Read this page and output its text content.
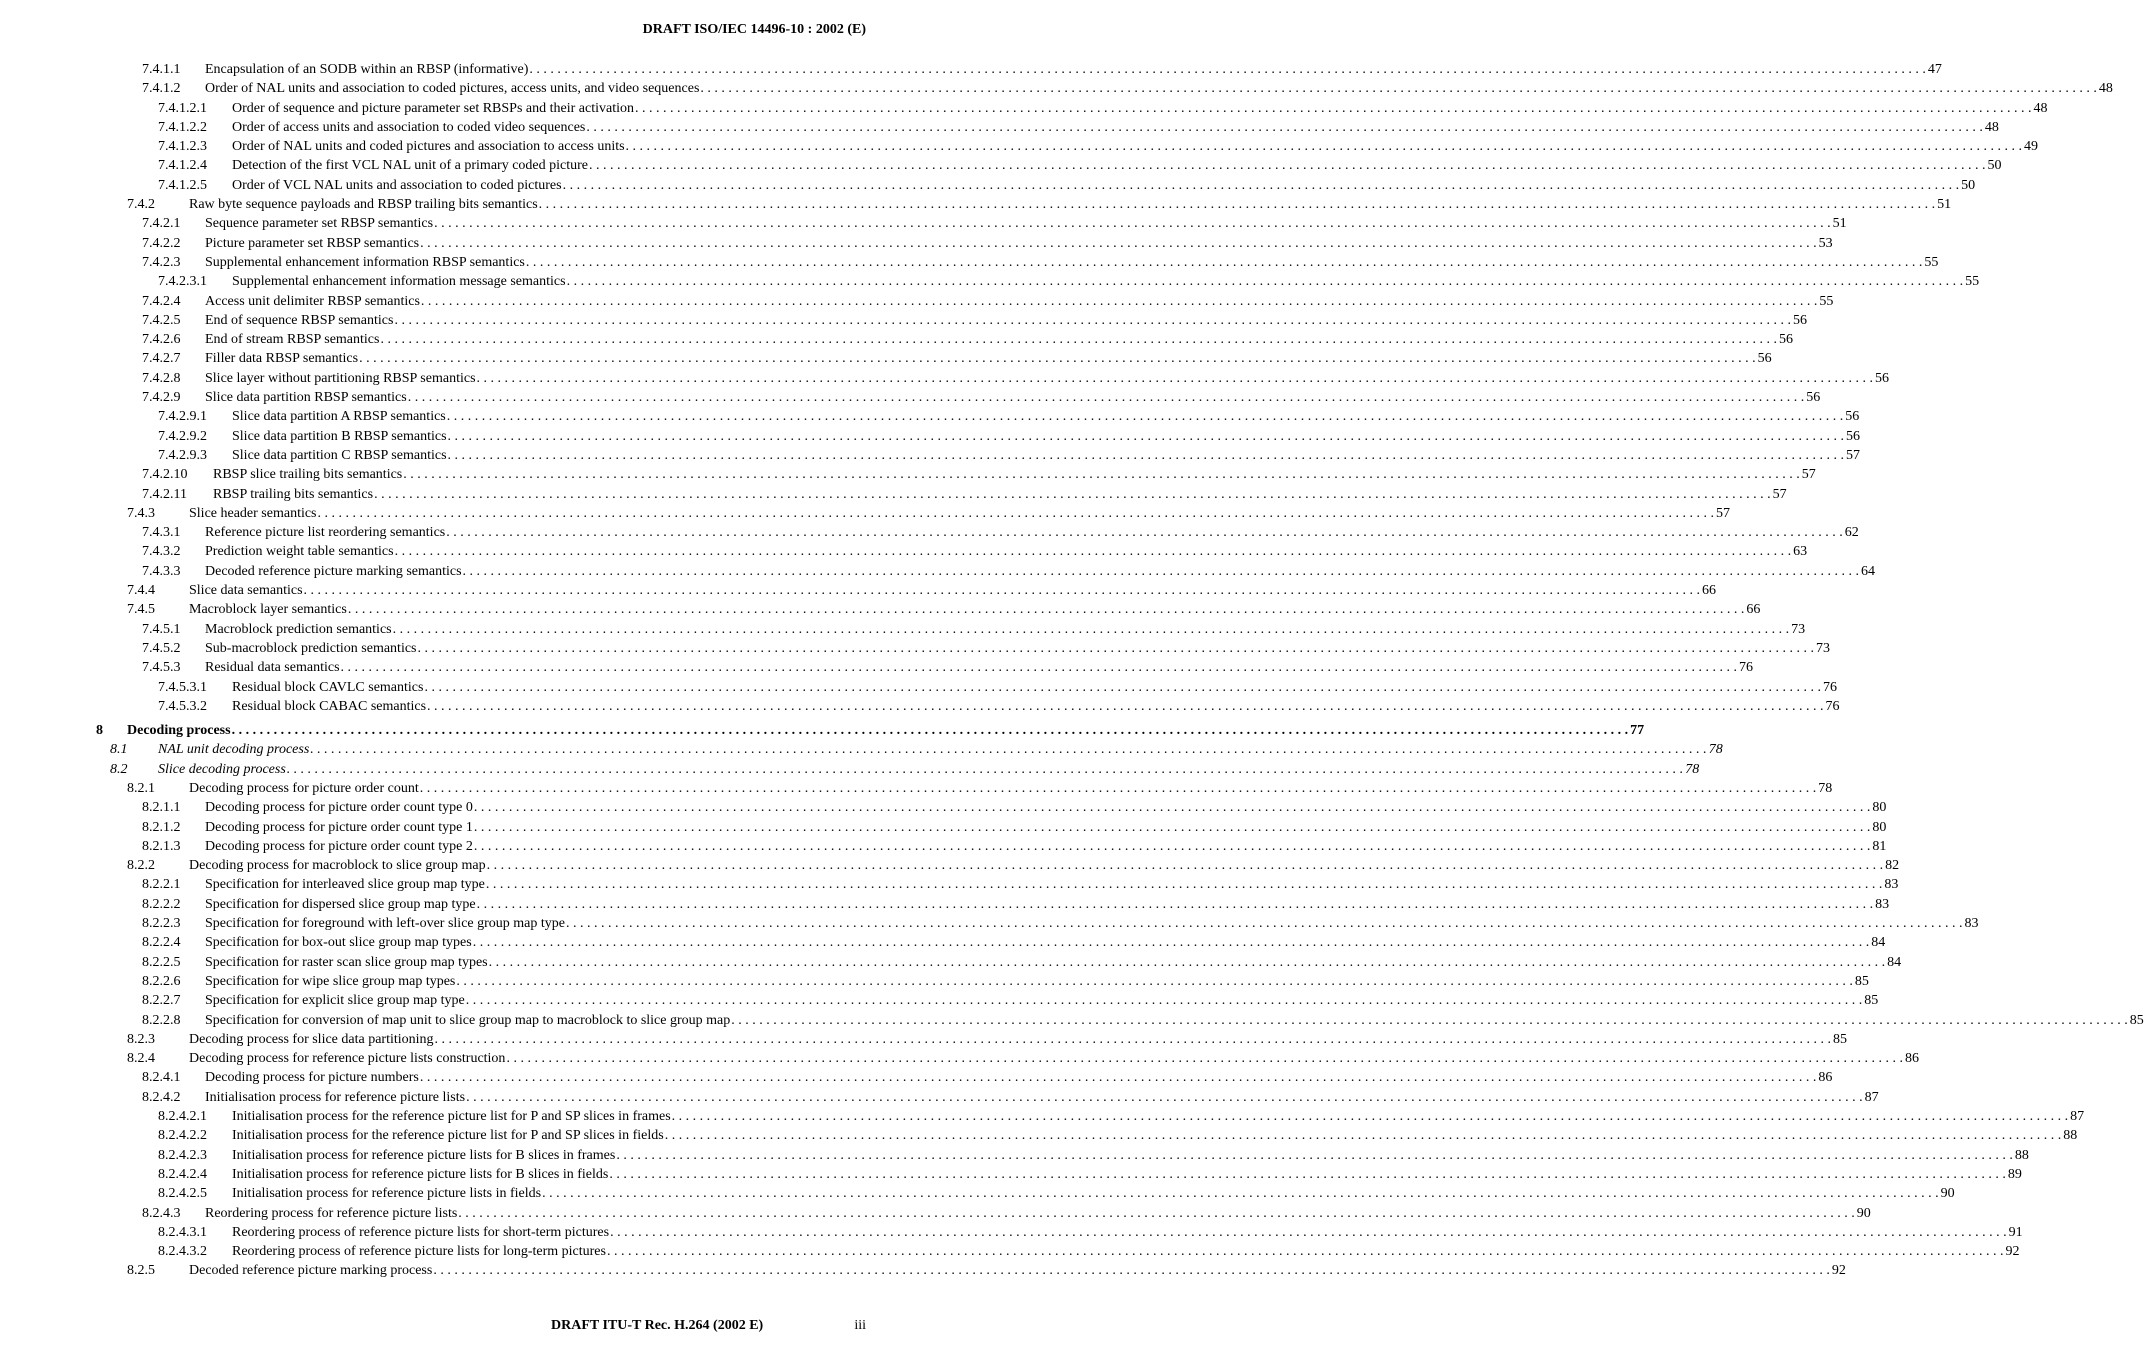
DRAFT ISO/IEC 14496-10 : 2002 (E)
7.4.1.1 Encapsulation of an SODB within an RBSP (informative) . . . . . . . . . . . . . . . . . . . . . . . . . . . . . . . . . . . . . . . . . . . . . . . . . . . . . . . . . . . . . . . . . . . . . . . . . . . . . . . . . . . . . . . . . . . . . . . . . . . . . . . . . . . . . . . . . . . . . . . . . . . . . . . . . . . . . . . . . . . . . . . . . . . . . . . . . . . . . . . . . . . . . . . . . . . . . . . . . . . . . . . . . . . . . . . . . . . . . . . . 47
7.4.1.2 Order of NAL units and association to coded pictures, access units, and video sequences . . . . . . . . . . . . . . . . . . . . . . . . . . . . . . . . . . . . . . . . . . . . . . . . . . . . . . . . . . . . . . . . . . . . . . . . . . . . . . . . . . . . . . . . . . . . . . . . . . . . . . . . . . . . . . . . . . . . . . . . . . . . . . . . . . . . . . . . . . . . . . . . . . . . . . . . . . . . . . . . . . . . . . . . . . . . . . . . . . . . . . . . . . . . . . . . . . . . . . . . 48
7.4.1.2.1 Order of sequence and picture parameter set RBSPs and their activation . . . . . . . . . . . . . . . . . . . . . . . . . . . . . . . . . . . . . . . . . . . . . . . . . . . . . . . . . . . . . . . . . . . . . . . . . . . . . . . . . . . . . . . . . . . . . . . . . . . . . . . . . . . . . . . . . . . . . . . . . . . . . . . . . . . . . . . . . . . . . . . . . . . . . . . . . . . . . . . . . . . . . . . . . . . . . . . . . . . . . . . . . . . . . . . . . . . . . . . . 48
7.4.1.2.2 Order of access units and association to coded video sequences . . . . . . . . . . . . . . . . . . . . . . . . . . . . . . . . . . . . . . . . . . . . . . . . . . . . . . . . . . . . . . . . . . . . . . . . . . . . . . . . . . . . . . . . . . . . . . . . . . . . . . . . . . . . . . . . . . . . . . . . . . . . . . . . . . . . . . . . . . . . . . . . . . . . . . . . . . . . . . . . . . . . . . . . . . . . . . . . . . . . . . . . . . . . . . . . . . . . . . . . 48
7.4.1.2.3 Order of NAL units and coded pictures and association to access units . . . . . . . . . . . . . . . . . . . . . . . . . . . . . . . . . . . . . . . . . . . . . . . . . . . . . . . . . . . . . . . . . . . . . . . . . . . . . . . . . . . . . . . . . . . . . . . . . . . . . . . . . . . . . . . . . . . . . . . . . . . . . . . . . . . . . . . . . . . . . . . . . . . . . . . . . . . . . . . . . . . . . . . . . . . . . . . . . . . . . . . . . . . . . . . . . . . . . . . . 49
7.4.1.2.4 Detection of the first VCL NAL unit of a primary coded picture . . . . . . . . . . . . . . . . . . . . . . . . . . . . . . . . . . . . . . . . . . . . . . . . . . . . . . . . . . . . . . . . . . . . . . . . . . . . . . . . . . . . . . . . . . . . . . . . . . . . . . . . . . . . . . . . . . . . . . . . . . . . . . . . . . . . . . . . . . . . . . . . . . . . . . . . . . . . . . . . . . . . . . . . . . . . . . . . . . . . . . . . . . . . . . . . . . . . . . . . 50
7.4.1.2.5 Order of VCL NAL units and association to coded pictures . . . . . . . . . . . . . . . . . . . . . . . . . . . . . . . . . . . . . . . . . . . . . . . . . . . . . . . . . . . . . . . . . . . . . . . . . . . . . . . . . . . . . . . . . . . . . . . . . . . . . . . . . . . . . . . . . . . . . . . . . . . . . . . . . . . . . . . . . . . . . . . . . . . . . . . . . . . . . . . . . . . . . . . . . . . . . . . . . . . . . . . . . . . . . . . . . . . . . . . . 50
7.4.2 Raw byte sequence payloads and RBSP trailing bits semantics . . . . . . . . . . . . . . . . . . . . . . . . . . . . . . . . . . . . . . . . . . . . . . . . . . . . . . . . . . . . . . . . . . . . . . . . . . . . . . . . . . . . . . . . . . . . . . . . . . . . . . . . . . . . . . . . . . . . . . . . . . . . . . . . . . . . . . . . . . . . . . . . . . . . . . . . . . . . . . . . . . . . . . . . . . . . . . . . . . . . . . . . . . . . . . . . . . . . . . . . 51
7.4.2.1 Sequence parameter set RBSP semantics . . . . . . . . . . . . . . . . . . . . . . . . . . . . . . . . . . . . . . . . . . . . . . . . . . . . . . . . . . . . . . . . . . . . . . . . . . . . . . . . . . . . . . . . . . . . . . . . . . . . . . . . . . . . . . . . . . . . . . . . . . . . . . . . . . . . . . . . . . . . . . . . . . . . . . . . . . . . . . . . . . . . . . . . . . . . . . . . . . . . . . . . . . . . . . . . . . . . . . . . 51
7.4.2.2 Picture parameter set RBSP semantics . . . . . . . . . . . . . . . . . . . . . . . . . . . . . . . . . . . . . . . . . . . . . . . . . . . . . . . . . . . . . . . . . . . . . . . . . . . . . . . . . . . . . . . . . . . . . . . . . . . . . . . . . . . . . . . . . . . . . . . . . . . . . . . . . . . . . . . . . . . . . . . . . . . . . . . . . . . . . . . . . . . . . . . . . . . . . . . . . . . . . . . . . . . . . . . . . . . . . . . . 53
7.4.2.3 Supplemental enhancement information RBSP semantics . . . . . . . . . . . . . . . . . . . . . . . . . . . . . . . . . . . . . . . . . . . . . . . . . . . . . . . . . . . . . . . . . . . . . . . . . . . . . . . . . . . . . . . . . . . . . . . . . . . . . . . . . . . . . . . . . . . . . . . . . . . . . . . . . . . . . . . . . . . . . . . . . . . . . . . . . . . . . . . . . . . . . . . . . . . . . . . . . . . . . . . . . . . . . . . . . . . . . . . . 55
7.4.2.3.1 Supplemental enhancement information message semantics . . . . . . . . . . . . . . . . . . . . . . . . . . . . . . . . . . . . . . . . . . . . . . . . . . . . . . . . . . . . . . . . . . . . . . . . . . . . . . . . . . . . . . . . . . . . . . . . . . . . . . . . . . . . . . . . . . . . . . . . . . . . . . . . . . . . . . . . . . . . . . . . . . . . . . . . . . . . . . . . . . . . . . . . . . . . . . . . . . . . . . . . . . . . . . . . . . . . . . . . 55
7.4.2.4 Access unit delimiter RBSP semantics . . . . . . . . . . . . . . . . . . . . . . . . . . . . . . . . . . . . . . . . . . . . . . . . . . . . . . . . . . . . . . . . . . . . . . . . . . . . . . . . . . . . . . . . . . . . . . . . . . . . . . . . . . . . . . . . . . . . . . . . . . . . . . . . . . . . . . . . . . . . . . . . . . . . . . . . . . . . . . . . . . . . . . . . . . . . . . . . . . . . . . . . . . . . . . . . . . . . . . . . 55
7.4.2.5 End of sequence RBSP semantics . . . . . . . . . . . . . . . . . . . . . . . . . . . . . . . . . . . . . . . . . . . . . . . . . . . . . . . . . . . . . . . . . . . . . . . . . . . . . . . . . . . . . . . . . . . . . . . . . . . . . . . . . . . . . . . . . . . . . . . . . . . . . . . . . . . . . . . . . . . . . . . . . . . . . . . . . . . . . . . . . . . . . . . . . . . . . . . . . . . . . . . . . . . . . . . . . . . . . . . . 56
7.4.2.6 End of stream RBSP semantics . . . . . . . . . . . . . . . . . . . . . . . . . . . . . . . . . . . . . . . . . . . . . . . . . . . . . . . . . . . . . . . . . . . . . . . . . . . . . . . . . . . . . . . . . . . . . . . . . . . . . . . . . . . . . . . . . . . . . . . . . . . . . . . . . . . . . . . . . . . . . . . . . . . . . . . . . . . . . . . . . . . . . . . . . . . . . . . . . . . . . . . . . . . . . . . . . . . . . . . . 56
7.4.2.7 Filler data RBSP semantics . . . . . . . . . . . . . . . . . . . . . . . . . . . . . . . . . . . . . . . . . . . . . . . . . . . . . . . . . . . . . . . . . . . . . . . . . . . . . . . . . . . . . . . . . . . . . . . . . . . . . . . . . . . . . . . . . . . . . . . . . . . . . . . . . . . . . . . . . . . . . . . . . . . . . . . . . . . . . . . . . . . . . . . . . . . . . . . . . . . . . . . . . . . . . . . . . . . . . . . . 56
7.4.2.8 Slice layer without partitioning RBSP semantics . . . . . . . . . . . . . . . . . . . . . . . . . . . . . . . . . . . . . . . . . . . . . . . . . . . . . . . . . . . . . . . . . . . . . . . . . . . . . . . . . . . . . . . . . . . . . . . . . . . . . . . . . . . . . . . . . . . . . . . . . . . . . . . . . . . . . . . . . . . . . . . . . . . . . . . . . . . . . . . . . . . . . . . . . . . . . . . . . . . . . . . . . . . . . . . . . . . . . . . . 56
7.4.2.9 Slice data partition RBSP semantics . . . . . . . . . . . . . . . . . . . . . . . . . . . . . . . . . . . . . . . . . . . . . . . . . . . . . . . . . . . . . . . . . . . . . . . . . . . . . . . . . . . . . . . . . . . . . . . . . . . . . . . . . . . . . . . . . . . . . . . . . . . . . . . . . . . . . . . . . . . . . . . . . . . . . . . . . . . . . . . . . . . . . . . . . . . . . . . . . . . . . . . . . . . . . . . . . . . . . . . . 56
7.4.2.9.1 Slice data partition A RBSP semantics . . . . . . . . . . . . . . . . . . . . . . . . . . . . . . . . . . . . . . . . . . . . . . . . . . . . . . . . . . . . . . . . . . . . . . . . . . . . . . . . . . . . . . . . . . . . . . . . . . . . . . . . . . . . . . . . . . . . . . . . . . . . . . . . . . . . . . . . . . . . . . . . . . . . . . . . . . . . . . . . . . . . . . . . . . . . . . . . . . . . . . . . . . . . . . . . . . . . . . . . 56
7.4.2.9.2 Slice data partition B RBSP semantics . . . . . . . . . . . . . . . . . . . . . . . . . . . . . . . . . . . . . . . . . . . . . . . . . . . . . . . . . . . . . . . . . . . . . . . . . . . . . . . . . . . . . . . . . . . . . . . . . . . . . . . . . . . . . . . . . . . . . . . . . . . . . . . . . . . . . . . . . . . . . . . . . . . . . . . . . . . . . . . . . . . . . . . . . . . . . . . . . . . . . . . . . . . . . . . . . . . . . . . . 56
7.4.2.9.3 Slice data partition C RBSP semantics . . . . . . . . . . . . . . . . . . . . . . . . . . . . . . . . . . . . . . . . . . . . . . . . . . . . . . . . . . . . . . . . . . . . . . . . . . . . . . . . . . . . . . . . . . . . . . . . . . . . . . . . . . . . . . . . . . . . . . . . . . . . . . . . . . . . . . . . . . . . . . . . . . . . . . . . . . . . . . . . . . . . . . . . . . . . . . . . . . . . . . . . . . . . . . . . . . . . . . . . 57
7.4.2.10 RBSP slice trailing bits semantics . . . . . . . . . . . . . . . . . . . . . . . . . . . . . . . . . . . . . . . . . . . . . . . . . . . . . . . . . . . . . . . . . . . . . . . . . . . . . . . . . . . . . . . . . . . . . . . . . . . . . . . . . . . . . . . . . . . . . . . . . . . . . . . . . . . . . . . . . . . . . . . . . . . . . . . . . . . . . . . . . . . . . . . . . . . . . . . . . . . . . . . . . . . . . . . . . . . . . . . . 57
7.4.2.11 RBSP trailing bits semantics . . . . . . . . . . . . . . . . . . . . . . . . . . . . . . . . . . . . . . . . . . . . . . . . . . . . . . . . . . . . . . . . . . . . . . . . . . . . . . . . . . . . . . . . . . . . . . . . . . . . . . . . . . . . . . . . . . . . . . . . . . . . . . . . . . . . . . . . . . . . . . . . . . . . . . . . . . . . . . . . . . . . . . . . . . . . . . . . . . . . . . . . . . . . . . . . . . . . . . . . 57
7.4.3 Slice header semantics . . . . . . . . . . . . . . . . . . . . . . . . . . . . . . . . . . . . . . . . . . . . . . . . . . . . . . . . . . . . . . . . . . . . . . . . . . . . . . . . . . . . . . . . . . . . . . . . . . . . . . . . . . . . . . . . . . . . . . . . . . . . . . . . . . . . . . . . . . . . . . . . . . . . . . . . . . . . . . . . . . . . . . . . . . . . . . . . . . . . . . . . . . . . . . . . . . . . . . . . 57
7.4.3.1 Reference picture list reordering semantics . . . . . . . . . . . . . . . . . . . . . . . . . . . . . . . . . . . . . . . . . . . . . . . . . . . . . . . . . . . . . . . . . . . . . . . . . . . . . . . . . . . . . . . . . . . . . . . . . . . . . . . . . . . . . . . . . . . . . . . . . . . . . . . . . . . . . . . . . . . . . . . . . . . . . . . . . . . . . . . . . . . . . . . . . . . . . . . . . . . . . . . . . . . . . . . . . . . . . . . . 62
7.4.3.2 Prediction weight table semantics . . . . . . . . . . . . . . . . . . . . . . . . . . . . . . . . . . . . . . . . . . . . . . . . . . . . . . . . . . . . . . . . . . . . . . . . . . . . . . . . . . . . . . . . . . . . . . . . . . . . . . . . . . . . . . . . . . . . . . . . . . . . . . . . . . . . . . . . . . . . . . . . . . . . . . . . . . . . . . . . . . . . . . . . . . . . . . . . . . . . . . . . . . . . . . . . . . . . . . . . 63
7.4.3.3 Decoded reference picture marking semantics . . . . . . . . . . . . . . . . . . . . . . . . . . . . . . . . . . . . . . . . . . . . . . . . . . . . . . . . . . . . . . . . . . . . . . . . . . . . . . . . . . . . . . . . . . . . . . . . . . . . . . . . . . . . . . . . . . . . . . . . . . . . . . . . . . . . . . . . . . . . . . . . . . . . . . . . . . . . . . . . . . . . . . . . . . . . . . . . . . . . . . . . . . . . . . . . . . . . . . . . 64
7.4.4 Slice data semantics . . . . . . . . . . . . . . . . . . . . . . . . . . . . . . . . . . . . . . . . . . . . . . . . . . . . . . . . . . . . . . . . . . . . . . . . . . . . . . . . . . . . . . . . . . . . . . . . . . . . . . . . . . . . . . . . . . . . . . . . . . . . . . . . . . . . . . . . . . . . . . . . . . . . . . . . . . . . . . . . . . . . . . . . . . . . . . . . . . . . . . . . . . . . . . . . . . . . . . . . 66
7.4.5 Macroblock layer semantics . . . . . . . . . . . . . . . . . . . . . . . . . . . . . . . . . . . . . . . . . . . . . . . . . . . . . . . . . . . . . . . . . . . . . . . . . . . . . . . . . . . . . . . . . . . . . . . . . . . . . . . . . . . . . . . . . . . . . . . . . . . . . . . . . . . . . . . . . . . . . . . . . . . . . . . . . . . . . . . . . . . . . . . . . . . . . . . . . . . . . . . . . . . . . . . . . . . . . . . . 66
7.4.5.1 Macroblock prediction semantics . . . . . . . . . . . . . . . . . . . . . . . . . . . . . . . . . . . . . . . . . . . . . . . . . . . . . . . . . . . . . . . . . . . . . . . . . . . . . . . . . . . . . . . . . . . . . . . . . . . . . . . . . . . . . . . . . . . . . . . . . . . . . . . . . . . . . . . . . . . . . . . . . . . . . . . . . . . . . . . . . . . . . . . . . . . . . . . . . . . . . . . . . . . . . . . . . . . . . . . . 73
7.4.5.2 Sub-macroblock prediction semantics . . . . . . . . . . . . . . . . . . . . . . . . . . . . . . . . . . . . . . . . . . . . . . . . . . . . . . . . . . . . . . . . . . . . . . . . . . . . . . . . . . . . . . . . . . . . . . . . . . . . . . . . . . . . . . . . . . . . . . . . . . . . . . . . . . . . . . . . . . . . . . . . . . . . . . . . . . . . . . . . . . . . . . . . . . . . . . . . . . . . . . . . . . . . . . . . . . . . . . . . 73
7.4.5.3 Residual data semantics . . . . . . . . . . . . . . . . . . . . . . . . . . . . . . . . . . . . . . . . . . . . . . . . . . . . . . . . . . . . . . . . . . . . . . . . . . . . . . . . . . . . . . . . . . . . . . . . . . . . . . . . . . . . . . . . . . . . . . . . . . . . . . . . . . . . . . . . . . . . . . . . . . . . . . . . . . . . . . . . . . . . . . . . . . . . . . . . . . . . . . . . . . . . . . . . . . . . . . . . 76
7.4.5.3.1 Residual block CAVLC semantics . . . . . . . . . . . . . . . . . . . . . . . . . . . . . . . . . . . . . . . . . . . . . . . . . . . . . . . . . . . . . . . . . . . . . . . . . . . . . . . . . . . . . . . . . . . . . . . . . . . . . . . . . . . . . . . . . . . . . . . . . . . . . . . . . . . . . . . . . . . . . . . . . . . . . . . . . . . . . . . . . . . . . . . . . . . . . . . . . . . . . . . . . . . . . . . . . . . . . . . . 76
7.4.5.3.2 Residual block CABAC semantics . . . . . . . . . . . . . . . . . . . . . . . . . . . . . . . . . . . . . . . . . . . . . . . . . . . . . . . . . . . . . . . . . . . . . . . . . . . . . . . . . . . . . . . . . . . . . . . . . . . . . . . . . . . . . . . . . . . . . . . . . . . . . . . . . . . . . . . . . . . . . . . . . . . . . . . . . . . . . . . . . . . . . . . . . . . . . . . . . . . . . . . . . . . . . . . . . . . . . . . . 76
8 Decoding process . . . . . . . . . . . . . . . . . . . . . . . . . . . . . . . . . . . . . . . . . . . . . . . . . . . . . . . . . . . . . . . . . . . . . . . . . . . . . . . . . . . . . . . . . . . . . . . . . . . . . . . . . . . . . . . . . . . . . . . . . . . . . . . . . . . . . . . . . . . . . . . . . . . . . . . . . . . . . . . . . . . . . . . . . . . . . . . . . . . . . . . . . . . . . . . . . . . . . . . . 77
8.1 NAL unit decoding process . . . . . . . . . . . . . . . . . . . . . . . . . . . . . . . . . . . . . . . . . . . . . . . . . . . . . . . . . . . . . . . . . . . . . . . . . . . . . . . . . . . . . . . . . . . . . . . . . . . . . . . . . . . . . . . . . . . . . . . . . . . . . . . . . . . . . . . . . . . . . . . . . . . . . . . . . . . . . . . . . . . . . . . . . . . . . . . . . . . . . . . . . . . . . . . . . . . . . . . . 78
8.2 Slice decoding process . . . . . . . . . . . . . . . . . . . . . . . . . . . . . . . . . . . . . . . . . . . . . . . . . . . . . . . . . . . . . . . . . . . . . . . . . . . . . . . . . . . . . . . . . . . . . . . . . . . . . . . . . . . . . . . . . . . . . . . . . . . . . . . . . . . . . . . . . . . . . . . . . . . . . . . . . . . . . . . . . . . . . . . . . . . . . . . . . . . . . . . . . . . . . . . . . . . . . . . . 78
8.2.1 Decoding process for picture order count . . . . . . . . . . . . . . . . . . . . . . . . . . . . . . . . . . . . . . . . . . . . . . . . . . . . . . . . . . . . . . . . . . . . . . . . . . . . . . . . . . . . . . . . . . . . . . . . . . . . . . . . . . . . . . . . . . . . . . . . . . . . . . . . . . . . . . . . . . . . . . . . . . . . . . . . . . . . . . . . . . . . . . . . . . . . . . . . . . . . . . . . . . . . . . . . . . . . . . . . 78
8.2.1.1 Decoding process for picture order count type 0 . . . . . . . . . . . . . . . . . . . . . . . . . . . . . . . . . . . . . . . . . . . . . . . . . . . . . . . . . . . . . . . . . . . . . . . . . . . . . . . . . . . . . . . . . . . . . . . . . . . . . . . . . . . . . . . . . . . . . . . . . . . . . . . . . . . . . . . . . . . . . . . . . . . . . . . . . . . . . . . . . . . . . . . . . . . . . . . . . . . . . . . . . . . . . . . . . . . . . . . . 80
8.2.1.2 Decoding process for picture order count type 1 . . . . . . . . . . . . . . . . . . . . . . . . . . . . . . . . . . . . . . . . . . . . . . . . . . . . . . . . . . . . . . . . . . . . . . . . . . . . . . . . . . . . . . . . . . . . . . . . . . . . . . . . . . . . . . . . . . . . . . . . . . . . . . . . . . . . . . . . . . . . . . . . . . . . . . . . . . . . . . . . . . . . . . . . . . . . . . . . . . . . . . . . . . . . . . . . . . . . . . . . 80
8.2.1.3 Decoding process for picture order count type 2 . . . . . . . . . . . . . . . . . . . . . . . . . . . . . . . . . . . . . . . . . . . . . . . . . . . . . . . . . . . . . . . . . . . . . . . . . . . . . . . . . . . . . . . . . . . . . . . . . . . . . . . . . . . . . . . . . . . . . . . . . . . . . . . . . . . . . . . . . . . . . . . . . . . . . . . . . . . . . . . . . . . . . . . . . . . . . . . . . . . . . . . . . . . . . . . . . . . . . . . . 81
8.2.2 Decoding process for macroblock to slice group map . . . . . . . . . . . . . . . . . . . . . . . . . . . . . . . . . . . . . . . . . . . . . . . . . . . . . . . . . . . . . . . . . . . . . . . . . . . . . . . . . . . . . . . . . . . . . . . . . . . . . . . . . . . . . . . . . . . . . . . . . . . . . . . . . . . . . . . . . . . . . . . . . . . . . . . . . . . . . . . . . . . . . . . . . . . . . . . . . . . . . . . . . . . . . . . . . . . . . . . . 82
8.2.2.1 Specification for interleaved slice group map type . . . . . . . . . . . . . . . . . . . . . . . . . . . . . . . . . . . . . . . . . . . . . . . . . . . . . . . . . . . . . . . . . . . . . . . . . . . . . . . . . . . . . . . . . . . . . . . . . . . . . . . . . . . . . . . . . . . . . . . . . . . . . . . . . . . . . . . . . . . . . . . . . . . . . . . . . . . . . . . . . . . . . . . . . . . . . . . . . . . . . . . . . . . . . . . . . . . . . . . . 83
8.2.2.2 Specification for dispersed slice group map type . . . . . . . . . . . . . . . . . . . . . . . . . . . . . . . . . . . . . . . . . . . . . . . . . . . . . . . . . . . . . . . . . . . . . . . . . . . . . . . . . . . . . . . . . . . . . . . . . . . . . . . . . . . . . . . . . . . . . . . . . . . . . . . . . . . . . . . . . . . . . . . . . . . . . . . . . . . . . . . . . . . . . . . . . . . . . . . . . . . . . . . . . . . . . . . . . . . . . . . . 83
8.2.2.3 Specification for foreground with left-over slice group map type . . . . . . . . . . . . . . . . . . . . . . . . . . . . . . . . . . . . . . . . . . . . . . . . . . . . . . . . . . . . . . . . . . . . . . . . . . . . . . . . . . . . . . . . . . . . . . . . . . . . . . . . . . . . . . . . . . . . . . . . . . . . . . . . . . . . . . . . . . . . . . . . . . . . . . . . . . . . . . . . . . . . . . . . . . . . . . . . . . . . . . . . . . . . . . . . . . . . . . . . 83
8.2.2.4 Specification for box-out slice group map types . . . . . . . . . . . . . . . . . . . . . . . . . . . . . . . . . . . . . . . . . . . . . . . . . . . . . . . . . . . . . . . . . . . . . . . . . . . . . . . . . . . . . . . . . . . . . . . . . . . . . . . . . . . . . . . . . . . . . . . . . . . . . . . . . . . . . . . . . . . . . . . . . . . . . . . . . . . . . . . . . . . . . . . . . . . . . . . . . . . . . . . . . . . . . . . . . . . . . . . . 84
8.2.2.5 Specification for raster scan slice group map types . . . . . . . . . . . . . . . . . . . . . . . . . . . . . . . . . . . . . . . . . . . . . . . . . . . . . . . . . . . . . . . . . . . . . . . . . . . . . . . . . . . . . . . . . . . . . . . . . . . . . . . . . . . . . . . . . . . . . . . . . . . . . . . . . . . . . . . . . . . . . . . . . . . . . . . . . . . . . . . . . . . . . . . . . . . . . . . . . . . . . . . . . . . . . . . . . . . . . . . . 84
8.2.2.6 Specification for wipe slice group map types . . . . . . . . . . . . . . . . . . . . . . . . . . . . . . . . . . . . . . . . . . . . . . . . . . . . . . . . . . . . . . . . . . . . . . . . . . . . . . . . . . . . . . . . . . . . . . . . . . . . . . . . . . . . . . . . . . . . . . . . . . . . . . . . . . . . . . . . . . . . . . . . . . . . . . . . . . . . . . . . . . . . . . . . . . . . . . . . . . . . . . . . . . . . . . . . . . . . . . . . 85
8.2.2.7 Specification for explicit slice group map type . . . . . . . . . . . . . . . . . . . . . . . . . . . . . . . . . . . . . . . . . . . . . . . . . . . . . . . . . . . . . . . . . . . . . . . . . . . . . . . . . . . . . . . . . . . . . . . . . . . . . . . . . . . . . . . . . . . . . . . . . . . . . . . . . . . . . . . . . . . . . . . . . . . . . . . . . . . . . . . . . . . . . . . . . . . . . . . . . . . . . . . . . . . . . . . . . . . . . . . . 85
8.2.2.8 Specification for conversion of map unit to slice group map to macroblock to slice group map . . . . . . . . . . . . . . . . . . . . . . . . . . . . . . . . . . . . . . . . . . . . . . . . . . . . . . . . . . . . . . . . . . . . . . . . . . . . . . . . . . . . . . . . . . . . . . . . . . . . . . . . . . . . . . . . . . . . . . . . . . . . . . . . . . . . . . . . . . . . . . . . . . . . . . . . . . . . . . . . . . . . . . . . . . . . . . . . . . . . . . . . . . . . . . . . . . . . . . . . 85
8.2.3 Decoding process for slice data partitioning . . . . . . . . . . . . . . . . . . . . . . . . . . . . . . . . . . . . . . . . . . . . . . . . . . . . . . . . . . . . . . . . . . . . . . . . . . . . . . . . . . . . . . . . . . . . . . . . . . . . . . . . . . . . . . . . . . . . . . . . . . . . . . . . . . . . . . . . . . . . . . . . . . . . . . . . . . . . . . . . . . . . . . . . . . . . . . . . . . . . . . . . . . . . . . . . . . . . . . . . 85
8.2.4 Decoding process for reference picture lists construction . . . . . . . . . . . . . . . . . . . . . . . . . . . . . . . . . . . . . . . . . . . . . . . . . . . . . . . . . . . . . . . . . . . . . . . . . . . . . . . . . . . . . . . . . . . . . . . . . . . . . . . . . . . . . . . . . . . . . . . . . . . . . . . . . . . . . . . . . . . . . . . . . . . . . . . . . . . . . . . . . . . . . . . . . . . . . . . . . . . . . . . . . . . . . . . . . . . . . . . . 86
8.2.4.1 Decoding process for picture numbers . . . . . . . . . . . . . . . . . . . . . . . . . . . . . . . . . . . . . . . . . . . . . . . . . . . . . . . . . . . . . . . . . . . . . . . . . . . . . . . . . . . . . . . . . . . . . . . . . . . . . . . . . . . . . . . . . . . . . . . . . . . . . . . . . . . . . . . . . . . . . . . . . . . . . . . . . . . . . . . . . . . . . . . . . . . . . . . . . . . . . . . . . . . . . . . . . . . . . . . . 86
8.2.4.2 Initialisation process for reference picture lists . . . . . . . . . . . . . . . . . . . . . . . . . . . . . . . . . . . . . . . . . . . . . . . . . . . . . . . . . . . . . . . . . . . . . . . . . . . . . . . . . . . . . . . . . . . . . . . . . . . . . . . . . . . . . . . . . . . . . . . . . . . . . . . . . . . . . . . . . . . . . . . . . . . . . . . . . . . . . . . . . . . . . . . . . . . . . . . . . . . . . . . . . . . . . . . . . . . . . . . . 87
8.2.4.2.1 Initialisation process for the reference picture list for P and SP slices in frames . . . . . . . . . . . . . . . . . . . . . . . . . . . . . . . . . . . . . . . . . . . . . . . . . . . . . . . . . . . . . . . . . . . . . . . . . . . . . . . . . . . . . . . . . . . . . . . . . . . . . . . . . . . . . . . . . . . . . . . . . . . . . . . . . . . . . . . . . . . . . . . . . . . . . . . . . . . . . . . . . . . . . . . . . . . . . . . . . . . . . . . . . . . . . . . . . . . . . . . . 87
8.2.4.2.2 Initialisation process for the reference picture list for P and SP slices in fields . . . . . . . . . . . . . . . . . . . . . . . . . . . . . . . . . . . . . . . . . . . . . . . . . . . . . . . . . . . . . . . . . . . . . . . . . . . . . . . . . . . . . . . . . . . . . . . . . . . . . . . . . . . . . . . . . . . . . . . . . . . . . . . . . . . . . . . . . . . . . . . . . . . . . . . . . . . . . . . . . . . . . . . . . . . . . . . . . . . . . . . . . . . . . . . . . . . . . . . . 88
8.2.4.2.3 Initialisation process for reference picture lists for B slices in frames . . . . . . . . . . . . . . . . . . . . . . . . . . . . . . . . . . . . . . . . . . . . . . . . . . . . . . . . . . . . . . . . . . . . . . . . . . . . . . . . . . . . . . . . . . . . . . . . . . . . . . . . . . . . . . . . . . . . . . . . . . . . . . . . . . . . . . . . . . . . . . . . . . . . . . . . . . . . . . . . . . . . . . . . . . . . . . . . . . . . . . . . . . . . . . . . . . . . . . . . 88
8.2.4.2.4 Initialisation process for reference picture lists for B slices in fields . . . . . . . . . . . . . . . . . . . . . . . . . . . . . . . . . . . . . . . . . . . . . . . . . . . . . . . . . . . . . . . . . . . . . . . . . . . . . . . . . . . . . . . . . . . . . . . . . . . . . . . . . . . . . . . . . . . . . . . . . . . . . . . . . . . . . . . . . . . . . . . . . . . . . . . . . . . . . . . . . . . . . . . . . . . . . . . . . . . . . . . . . . . . . . . . . . . . . . . . 89
8.2.4.2.5 Initialisation process for reference picture lists in fields . . . . . . . . . . . . . . . . . . . . . . . . . . . . . . . . . . . . . . . . . . . . . . . . . . . . . . . . . . . . . . . . . . . . . . . . . . . . . . . . . . . . . . . . . . . . . . . . . . . . . . . . . . . . . . . . . . . . . . . . . . . . . . . . . . . . . . . . . . . . . . . . . . . . . . . . . . . . . . . . . . . . . . . . . . . . . . . . . . . . . . . . . . . . . . . . . . . . . . . . 90
8.2.4.3 Reordering process for reference picture lists . . . . . . . . . . . . . . . . . . . . . . . . . . . . . . . . . . . . . . . . . . . . . . . . . . . . . . . . . . . . . . . . . . . . . . . . . . . . . . . . . . . . . . . . . . . . . . . . . . . . . . . . . . . . . . . . . . . . . . . . . . . . . . . . . . . . . . . . . . . . . . . . . . . . . . . . . . . . . . . . . . . . . . . . . . . . . . . . . . . . . . . . . . . . . . . . . . . . . . . . 90
8.2.4.3.1 Reordering process of reference picture lists for short-term pictures . . . . . . . . . . . . . . . . . . . . . . . . . . . . . . . . . . . . . . . . . . . . . . . . . . . . . . . . . . . . . . . . . . . . . . . . . . . . . . . . . . . . . . . . . . . . . . . . . . . . . . . . . . . . . . . . . . . . . . . . . . . . . . . . . . . . . . . . . . . . . . . . . . . . . . . . . . . . . . . . . . . . . . . . . . . . . . . . . . . . . . . . . . . . . . . . . . . . . . . . 91
8.2.4.3.2 Reordering process of reference picture lists for long-term pictures . . . . . . . . . . . . . . . . . . . . . . . . . . . . . . . . . . . . . . . . . . . . . . . . . . . . . . . . . . . . . . . . . . . . . . . . . . . . . . . . . . . . . . . . . . . . . . . . . . . . . . . . . . . . . . . . . . . . . . . . . . . . . . . . . . . . . . . . . . . . . . . . . . . . . . . . . . . . . . . . . . . . . . . . . . . . . . . . . . . . . . . . . . . . . . . . . . . . . . . . 92
8.2.5 Decoded reference picture marking process . . . . . . . . . . . . . . . . . . . . . . . . . . . . . . . . . . . . . . . . . . . . . . . . . . . . . . . . . . . . . . . . . . . . . . . . . . . . . . . . . . . . . . . . . . . . . . . . . . . . . . . . . . . . . . . . . . . . . . . . . . . . . . . . . . . . . . . . . . . . . . . . . . . . . . . . . . . . . . . . . . . . . . . . . . . . . . . . . . . . . . . . . . . . . . . . . . . . . . . . 92
DRAFT ITU-T Rec. H.264 (2002 E)	iii
